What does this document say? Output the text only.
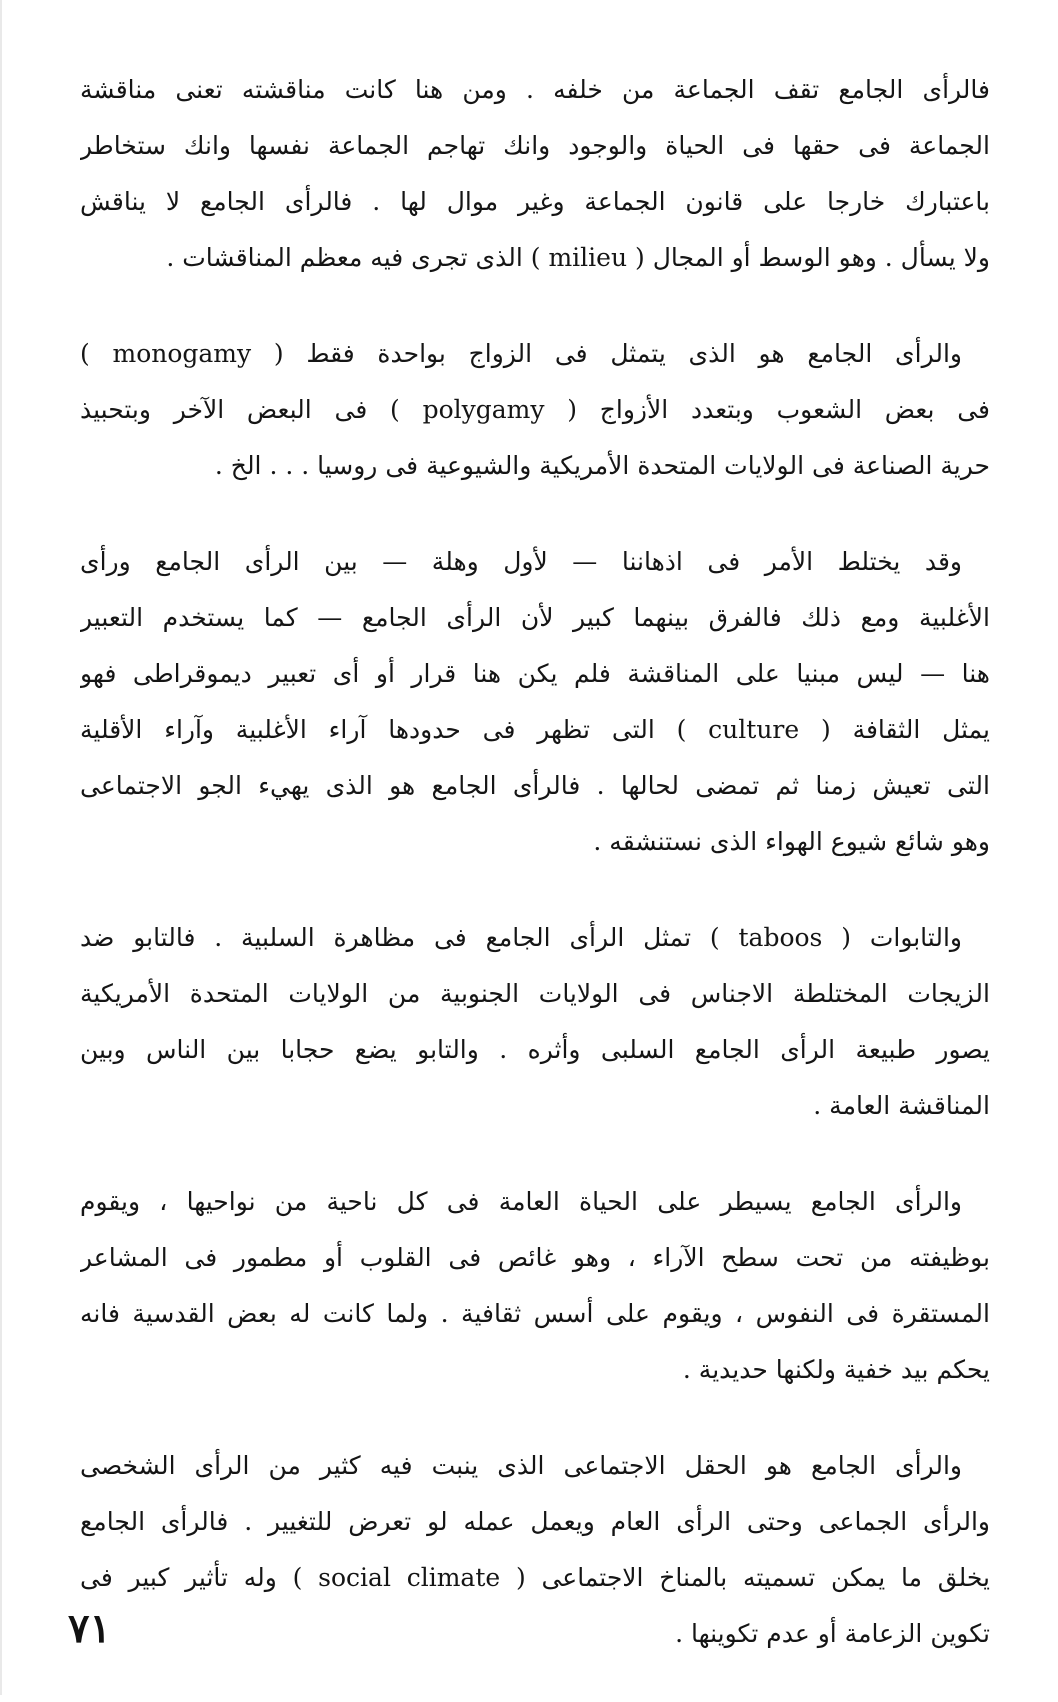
فالرأى الجامع تقف الجماعة من خلفه . ومن هنا كانت مناقشته تعنى مناقشة
الجماعة فى حقها فى الحياة والوجود وانك تهاجم الجماعة نفسها وانك ستخاطر
باعتبارك خارجا على قانون الجماعة وغير موال لها . فالرأى الجامع لا يناقش
ولا يسأل . وهو الوسط أو المجال ( milieu ) الذى تجرى فيه معظم المناقشات .
والرأى الجامع هو الذى يتمثل فى الزواج بواحدة فقط ( monogamy )
فى بعض الشعوب وبتعدد الأزواج ( polygamy ) فى البعض الآخر وبتحبيذ
حرية الصناعة فى الولايات المتحدة الأمريكية والشيوعية فى روسيا . . . الخ .
وقد يختلط الأمر فى اذهاننا — لأول وهلة — بين الرأى الجامع ورأى
الأغلبية ومع ذلك فالفرق بينهما كبير لأن الرأى الجامع — كما يستخدم التعبير
هنا — ليس مبنيا على المناقشة فلم يكن هنا قرار أو أى تعبير ديموقراطى فهو
يمثل الثقافة ( culture ) التى تظهر فى حدودها آراء الأغلبية وآراء الأقلية
التى تعيش زمنا ثم تمضى لحالها . فالرأى الجامع هو الذى يهيء الجو الاجتماعى
وهو شائع شيوع الهواء الذى نستنشقه .
والتابوات ( taboos ) تمثل الرأى الجامع فى مظاهرة السلبية . فالتابو ضد
الزيجات المختلطة الاجناس فى الولايات الجنوبية من الولايات المتحدة الأمريكية
يصور طبيعة الرأى الجامع السلبى وأثره . والتابو يضع حجابا بين الناس وبين
المناقشة العامة .
والرأى الجامع يسيطر على الحياة العامة فى كل ناحية من نواحيها ، ويقوم
بوظيفته من تحت سطح الآراء ، وهو غائص فى القلوب أو مطمور فى المشاعر
المستقرة فى النفوس ، ويقوم على أسس ثقافية . ولما كانت له بعض القدسية فانه
يحكم بيد خفية ولكنها حديدية .
والرأى الجامع هو الحقل الاجتماعى الذى ينبت فيه كثير من الرأى الشخصى
والرأى الجماعى وحتى الرأى العام ويعمل عمله لو تعرض للتغيير . فالرأى الجامع
يخلق ما يمكن تسميته بالمناخ الاجتماعى ( social climate ) وله تأثير كبير فى
تكوين الزعامة أو عدم تكوينها .
٧١
